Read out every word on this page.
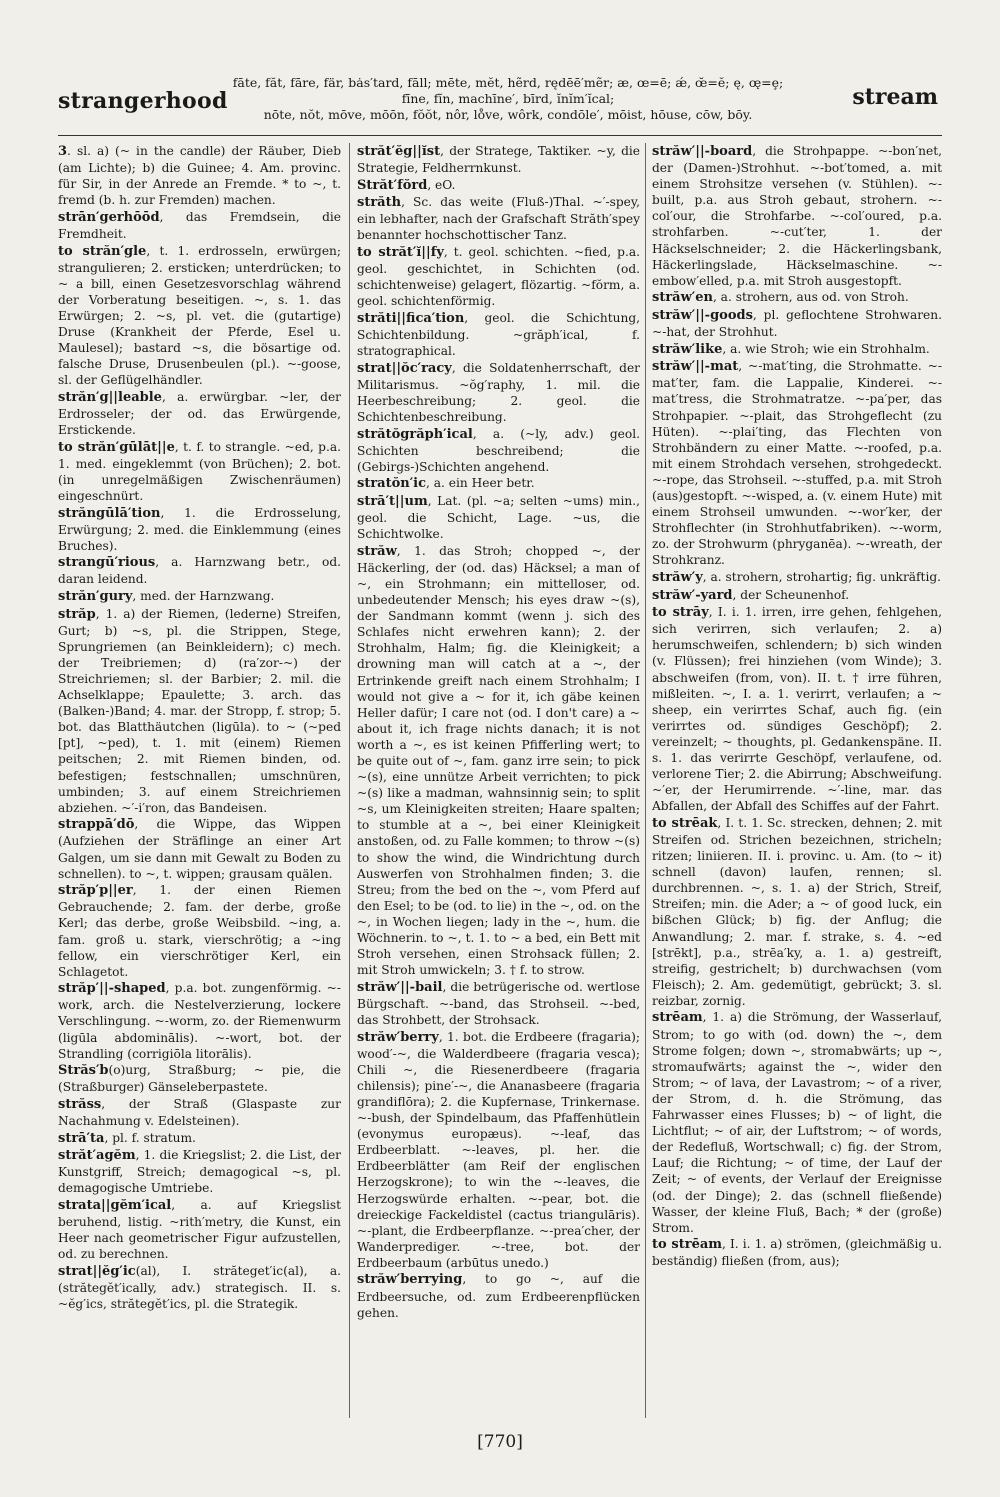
strangerhood
fāte, făt, fāre, fär, bȧs′tard, fāll; mēte, mĕt, hẽrd, rędēē′mẽr; æ, œ=ē; ǽ, œ̆=ĕ; ę, œ̨=ȩ;
fīne, fĭn, machīne′, bīrd, ĭnĭm′ĭcal;
nōte, nŏt, mōve, mōōn, fŏŏt, nôr, lo̊ve, wôrk, condōle′, mōist, hōuse, cōw, bōy.
stream
3. sl. a) (~ in the candle) der Räuber, Dieb (am Lichte); b) die Guinee; 4. Am. provinc. für Sir, in der Anrede an Fremde. * to ~, t. fremd (b. h. zur Fremden) machen.
strān′gerhōōd, das Fremdsein, die Fremdheit.
to străn′gle, t. 1. erdrosseln, erwürgen; strangulieren; 2. ersticken; unterdrücken; to ~ a bill, einen Gesetzesvorschlag während der Vorberatung beseitigen. ~, s. 1. das Erwürgen; 2. ~s, pl. vet. die (gutartige) Druse (Krankheit der Pferde, Esel u. Maulesel); bastard ~s, die bösartige od. falsche Druse, Drusenbeulen (pl.). ~-goose, sl. der Geflügelhändler.
străn′g||leable, a. erwürgbar. ~ler, der Erdrosseler; der od. das Erwürgende, Erstickende.
to străn′gūlāt||e, t. f. to strangle. ~ed, p.a. 1. med. eingeklemmt (von Brüchen); 2. bot. (in unregelmäßigen Zwischenräumen) eingeschnürt.
străngūlā′tion, 1. die Erdrosselung, Erwürgung; 2. med. die Einklemmung (eines Bruches).
strangū′rious, a. Harnzwang betr., od. daran leidend.
străn′gury, med. der Harnzwang.
străp, 1. a) der Riemen, (lederne) Streifen, Gurt; b) ~s, pl. die Strippen, Stege, Sprungriemen (an Beinkleidern); c) mech. der Treibriemen; d) (ra′zor-~) der Streichriemen; sl. der Barbier; 2. mil. die Achselklappe; Epaulette; 3. arch. das (Balken-)Band; 4. mar. der Stropp, f. strop; 5. bot. das Blatthäutchen (ligūla). to ~ (~ped [pt], ~ped), t. 1. mit (einem) Riemen peitschen; 2. mit Riemen binden, od. befestigen; festschnallen; umschnüren, umbinden; 3. auf einem Streichriemen abziehen. ~′-i′ron, das Bandeisen.
strappā′dō, die Wippe, das Wippen (Aufziehen der Sträflinge an einer Art Galgen, um sie dann mit Gewalt zu Boden zu schnellen). to ~, t. wippen; grausam quälen.
străp′p||er, 1. der einen Riemen Gebrauchende; 2. fam. der derbe, große Kerl; das derbe, große Weibsbild. ~ing, a. fam. groß u. stark, vierschrötig; a ~ing fellow, ein vierschrötiger Kerl, ein Schlagetot.
străp′||-shaped, p.a. bot. zungenförmig. ~-work, arch. die Nestelverzierung, lockere Verschlingung. ~-worm, zo. der Riemenwurm (ligūla abdominālis). ~-wort, bot. der Strandling (corrigiōla litorālis).
Străs′b(o)urg, Straßburg; ~ pie, die (Straßburger) Gänseleberpastete.
străss, der Straß (Glaspaste zur Nachahmung v. Edelsteinen).
strā′ta, pl. f. stratum.
străt′agĕm, 1. die Kriegslist; 2. die List, der Kunstgriff, Streich; demagogical ~s, pl. demagogische Umtriebe.
strata||gĕm′ical, a. auf Kriegslist beruhend, listig. ~rith′metry, die Kunst, ein Heer nach geometrischer Figur aufzustellen, od. zu berechnen.
strat||ĕg′ic(al), I. străteget′ic(al), a. (strătegĕt′ically, adv.) strategisch. II. s. ~ĕg′ics, strătegĕt′ics, pl. die Strategik.
străt′ĕg||ĭst, der Stratege, Taktiker. ~y, die Strategie, Feldherrnkunst.
Străt′fŏrd, eO.
străth, Sc. das weite (Fluß-)Thal. ~′-spey, ein lebhafter, nach der Grafschaft Străth′spey benannter hochschottischer Tanz.
to străt′ĭ||fy, t. geol. schichten. ~fied, p.a. geol. geschichtet, in Schichten (od. schichtenweise) gelagert, flözartig. ~fŏrm, a. geol. schichtenförmig.
străti||fica′tion, geol. die Schichtung, Schichtenbildung. ~grăph′ical, f. stratographical.
strat||ŏc′racy, die Soldatenherrschaft, der Militarismus. ~ŏg′raphy, 1. mil. die Heerbeschreibung; 2. geol. die Schichtenbeschreibung.
strătŏgrăph′ical, a. (~ly, adv.) geol. Schichten beschreibend; die (Gebirgs-)Schichten angehend.
stratŏn′ic, a. ein Heer betr.
strā′t||um, Lat. (pl. ~a; selten ~ums) min., geol. die Schicht, Lage. ~us, die Schichtwolke.
străw, 1. das Stroh; chopped ~, der Häckerling, der (od. das) Häcksel; a man of ~, ein Strohmann; ein mittelloser, od. unbedeutender Mensch; his eyes draw ~(s), der Sandmann kommt (wenn j. sich des Schlafes nicht erwehren kann); 2. der Strohhalm, Halm; fig. die Kleinigkeit; a drowning man will catch at a ~, der Ertrinkende greift nach einem Strohhalm; I would not give a ~ for it, ich gäbe keinen Heller dafür; I care not (od. I don't care) a ~ about it, ich frage nichts danach; it is not worth a ~, es ist keinen Pfifferling wert; to be quite out of ~, fam. ganz irre sein; to pick ~(s), eine unnütze Arbeit verrichten; to pick ~(s) like a madman, wahnsinnig sein; to split ~s, um Kleinigkeiten streiten; Haare spalten; to stumble at a ~, bei einer Kleinigkeit anstoßen, od. zu Falle kommen; to throw ~(s) to show the wind, die Windrichtung durch Auswerfen von Strohhalmen finden; 3. die Streu; from the bed on the ~, vom Pferd auf den Esel; to be (od. to lie) in the ~, od. on the ~, in Wochen liegen; lady in the ~, hum. die Wöchnerin. to ~, t. 1. to ~ a bed, ein Bett mit Stroh versehen, einen Strohsack füllen; 2. mit Stroh umwickeln; 3. † f. to strow.
străw′||-bail, die betrügerische od. wertlose Bürgschaft. ~-band, das Strohseil. ~-bed, das Strohbett, der Strohsack.
străw′berry, 1. bot. die Erdbeere (fragaria); wood′-~, die Walderdbeere (fragaria vesca); Chili ~, die Riesenerdbeere (fragaria chilensis); pine′-~, die Ananasbeere (fragaria grandiflōra); 2. die Kupfernase, Trinkernase. ~-bush, der Spindelbaum, das Pfaffenhütlein (evonymus europæus). ~-leaf, das Erdbeerblatt. ~-leaves, pl. her. die Erdbeerblätter (am Reif der englischen Herzogskrone); to win the ~-leaves, die Herzogswürde erhalten. ~-pear, bot. die dreieckige Fackeldistel (cactus triangulāris). ~-plant, die Erdbeerpflanze. ~-prea′cher, der Wanderprediger. ~-tree, bot. der Erdbeerbaum (arbūtus unedo.)
străw′berrying, to go ~, auf die Erdbeersuche, od. zum Erdbeerenpflücken gehen.
străw′||-board, die Strohpappe. ~-bon′net, der (Damen-)Strohhut. ~-bot′tomed, a. mit einem Strohsitze versehen (v. Stühlen). ~-built, p.a. aus Stroh gebaut, strohern. ~-col′our, die Strohfarbe. ~-col′oured, p.a. strohfarben. ~-cut′ter, 1. der Häckselschneider; 2. die Häckerlingsbank, Häckerlingslade, Häckselmaschine. ~-embow′elled, p.a. mit Stroh ausgestopft.
străw′en, a. strohern, aus od. von Stroh.
străw′||-goods, pl. geflochtene Strohwaren. ~-hat, der Strohhut.
străw′like, a. wie Stroh; wie ein Strohhalm.
străw′||-mat, ~-mat′ting, die Strohmatte. ~-mat′ter, fam. die Lappalie, Kinderei. ~-mat′tress, die Strohmatratze. ~-pa′per, das Strohpapier. ~-plait, das Strohgeflecht (zu Hüten). ~-plai′ting, das Flechten von Strohbändern zu einer Matte. ~-roofed, p.a. mit einem Strohdach versehen, strohgedeckt. ~-rope, das Strohseil. ~-stuffed, p.a. mit Stroh (aus)gestopft. ~-wisped, a. (v. einem Hute) mit einem Strohseil umwunden. ~-wor′ker, der Strohflechter (in Strohhutfabriken). ~-worm, zo. der Strohwurm (phryganēa). ~-wreath, der Strohkranz.
străw′y, a. strohern, strohartig; fig. unkräftig.
străw′-yard, der Scheunenhof.
to strāy, I. i. 1. irren, irre gehen, fehlgehen, sich verirren, sich verlaufen; 2. a) herumschweifen, schlendern; b) sich winden (v. Flüssen); frei hinziehen (vom Winde); 3. abschweifen (from, von). II. t. † irre führen, mißleiten. ~, I. a. 1. verirrt, verlaufen; a ~ sheep, ein verirrtes Schaf, auch fig. (ein verirrtes od. sündiges Geschöpf); 2. vereinzelt; ~ thoughts, pl. Gedankenspäne. II. s. 1. das verirrte Geschöpf, verlaufene, od. verlorene Tier; 2. die Abirrung; Abschweifung. ~′er, der Herumirrende. ~′-line, mar. das Abfallen, der Abfall des Schiffes auf der Fahrt.
to strēak, I. t. 1. Sc. strecken, dehnen; 2. mit Streifen od. Strichen bezeichnen, stricheln; ritzen; liniieren. II. i. provinc. u. Am. (to ~ it) schnell (davon) laufen, rennen; sl. durchbrennen. ~, s. 1. a) der Strich, Streif, Streifen; min. die Ader; a ~ of good luck, ein bißchen Glück; b) fig. der Anflug; die Anwandlung; 2. mar. f. strake, s. 4. ~ed [strēkt], p.a., strēa′ky, a. 1. a) gestreift, streifig, gestrichelt; b) durchwachsen (vom Fleisch); 2. Am. gedemütigt, gebrückt; 3. sl. reizbar, zornig.
strēam, 1. a) die Strömung, der Wasserlauf, Strom; to go with (od. down) the ~, dem Strome folgen; down ~, stromabwärts; up ~, stromaufwärts; against the ~, wider den Strom; ~ of lava, der Lavastrom; ~ of a river, der Strom, d. h. die Strömung, das Fahrwasser eines Flusses; b) ~ of light, die Lichtflut; ~ of air, der Luftstrom; ~ of words, der Redefluß, Wortschwall; c) fig. der Strom, Lauf; die Richtung; ~ of time, der Lauf der Zeit; ~ of events, der Verlauf der Ereignisse (od. der Dinge); 2. das (schnell fließende) Wasser, der kleine Fluß, Bach; * der (große) Strom.
to strēam, I. i. 1. a) strömen, (gleichmäßig u. beständig) fließen (from, aus);
[770]
